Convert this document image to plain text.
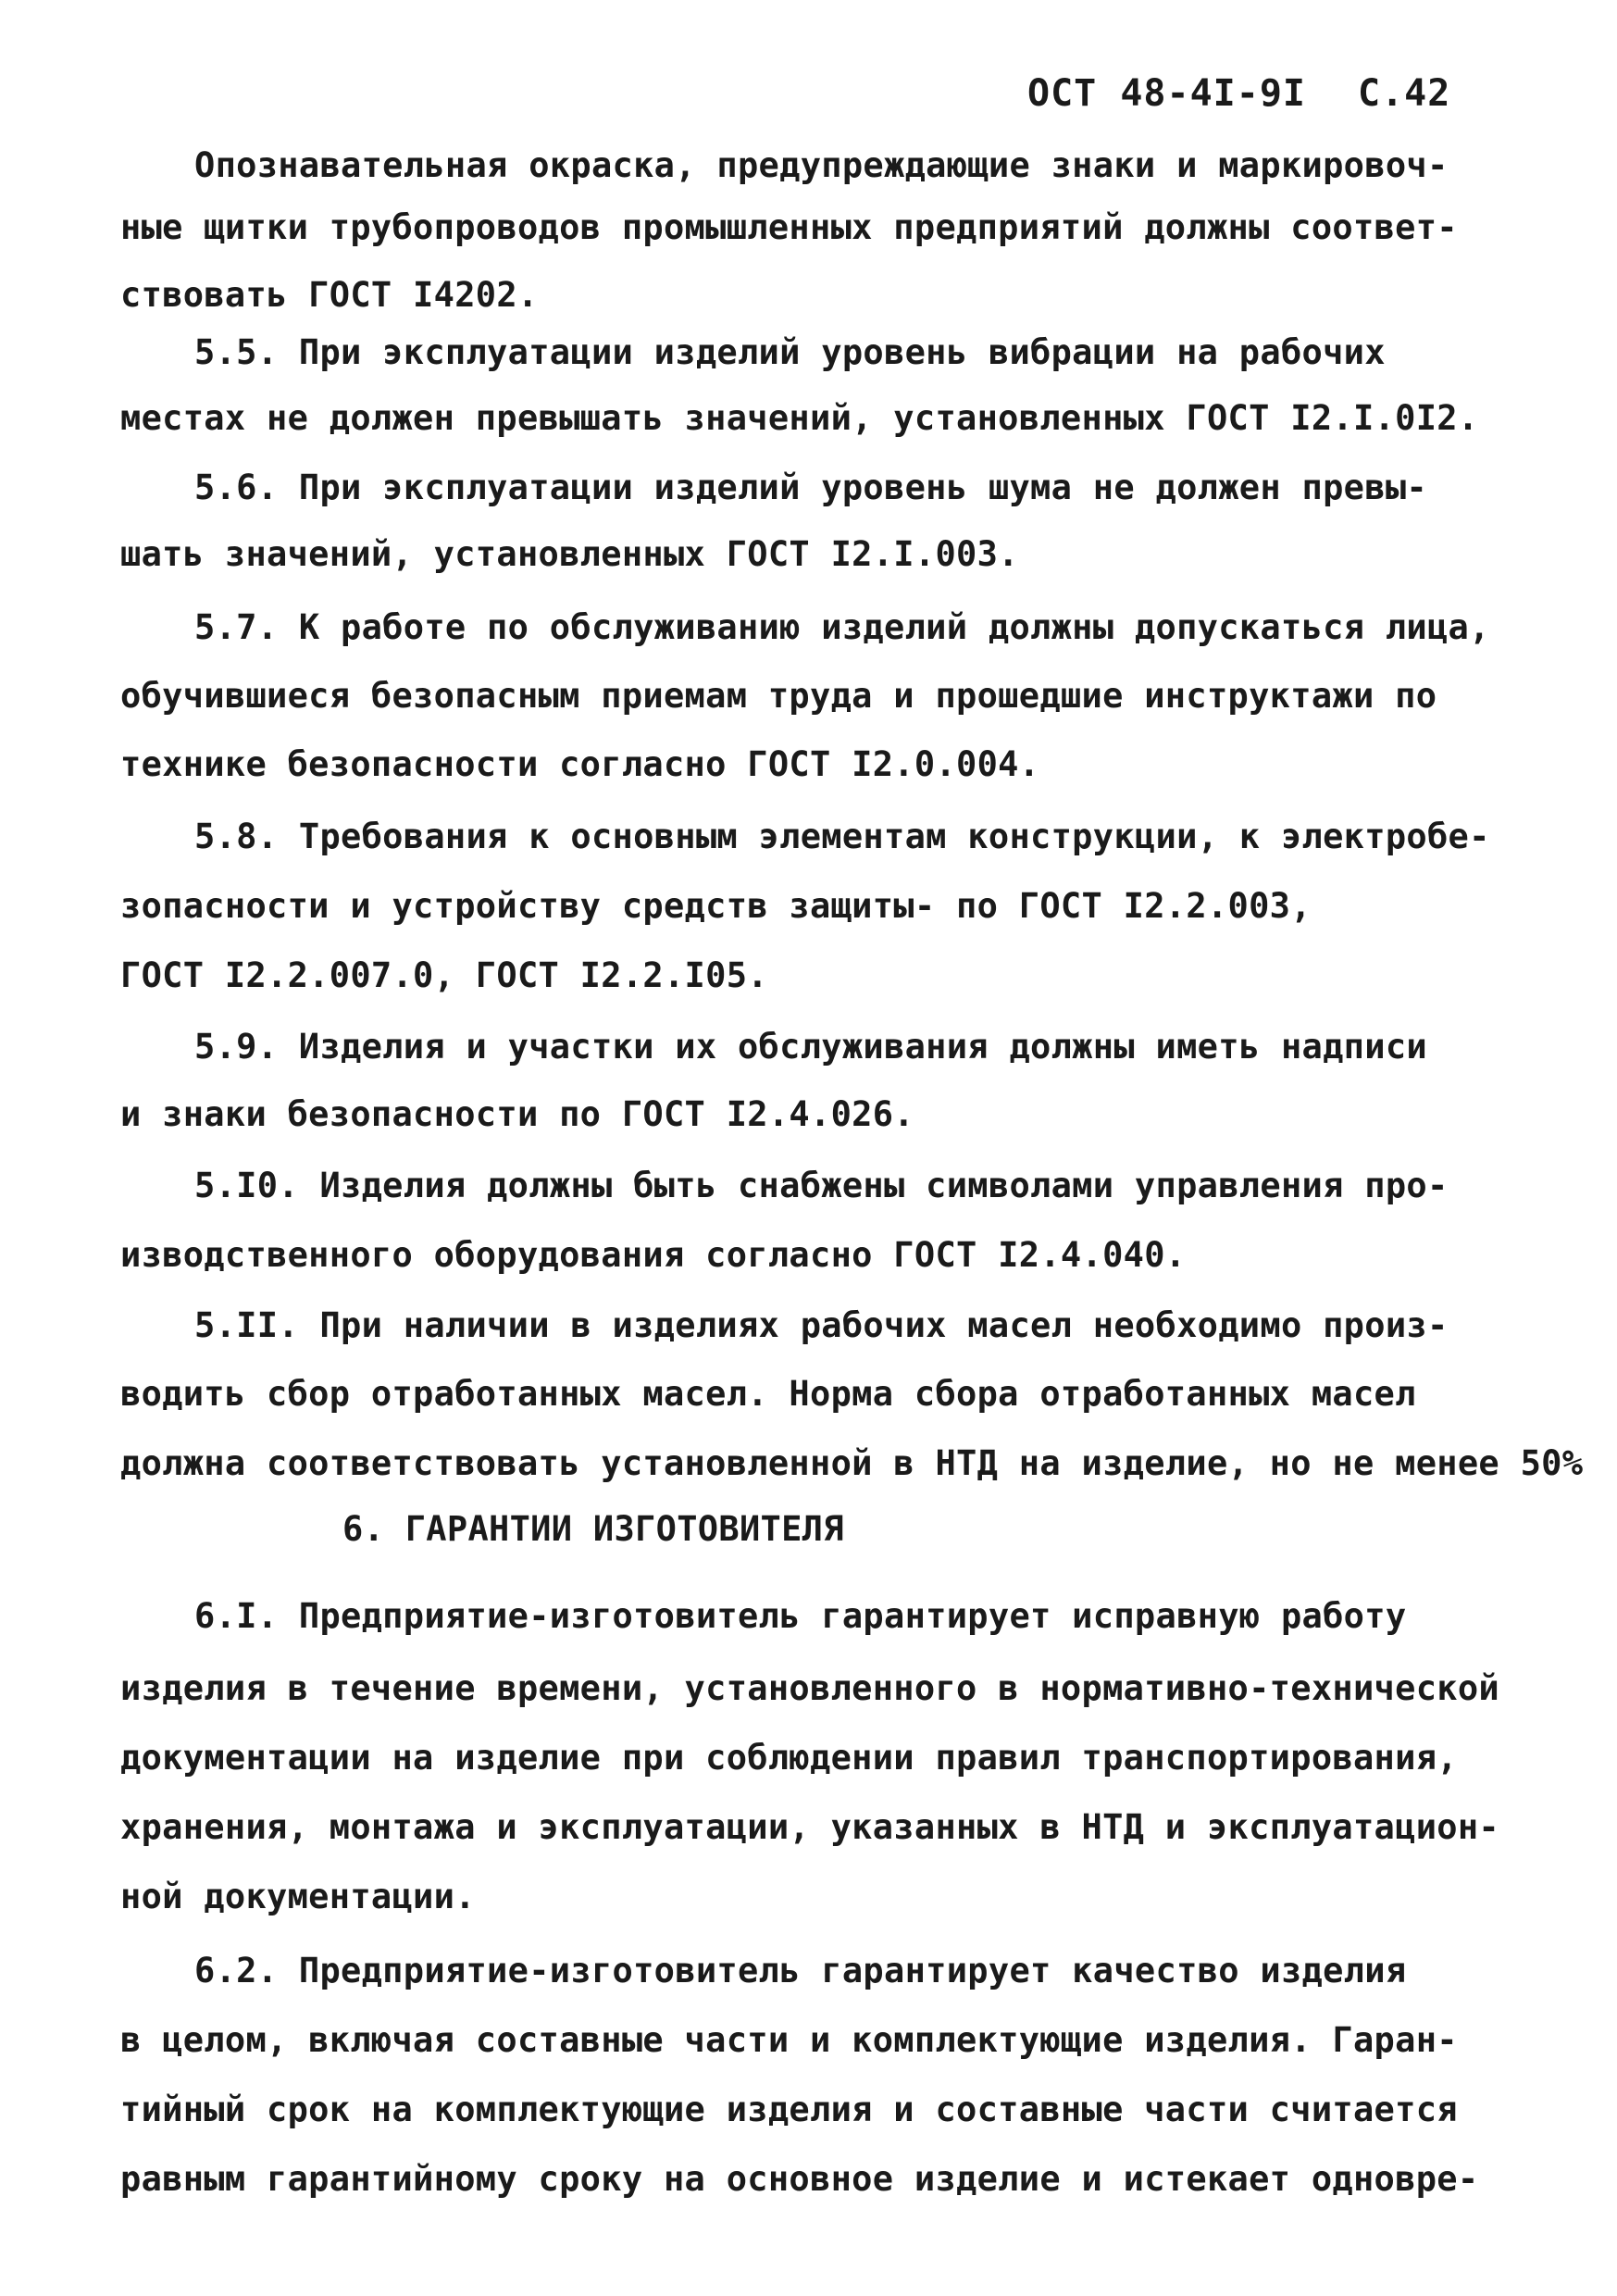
ОСТ 48-4I-9I С.42
Опознавательная окраска, предупреждающие знаки и маркировоч-
ные щитки трубопроводов промышленных предприятий должны соответ-
ствовать ГОСТ I4202.
5.5. При эксплуатации изделий уровень вибрации на рабочих
местах не должен превышать значений, установленных ГОСТ I2.I.0I2.
5.6. При эксплуатации изделий уровень шума не должен превы-
шать значений, установленных ГОСТ I2.I.003.
5.7. К работе по обслуживанию изделий должны допускаться лица,
обучившиеся безопасным приемам труда и прошедшие инструктажи по
технике безопасности согласно ГОСТ I2.0.004.
5.8. Требования к основным элементам конструкции, к электробе-
зопасности и устройству средств защиты- по ГОСТ I2.2.003,
ГОСТ I2.2.007.0, ГОСТ I2.2.I05.
5.9. Изделия и участки их обслуживания должны иметь надписи
и знаки безопасности по ГОСТ I2.4.026.
5.I0. Изделия должны быть снабжены символами управления про-
изводственного оборудования согласно ГОСТ I2.4.040.
5.II. При наличии в изделиях рабочих масел необходимо произ-
водить сбор отработанных масел. Норма сбора отработанных масел
должна соответствовать установленной в НТД на изделие, но не менее 50%
6. ГАРАНТИИ ИЗГОТОВИТЕЛЯ
6.I. Предприятие-изготовитель гарантирует исправную работу
изделия в течение времени, установленного в нормативно-технической
документации на изделие при соблюдении правил транспортирования,
хранения, монтажа и эксплуатации, указанных в НТД и эксплуатацион-
ной документации.
6.2. Предприятие-изготовитель гарантирует качество изделия
в целом, включая составные части и комплектующие изделия. Гаран-
тийный срок на комплектующие изделия и составные части считается
равным гарантийному сроку на основное изделие и истекает одновре-
